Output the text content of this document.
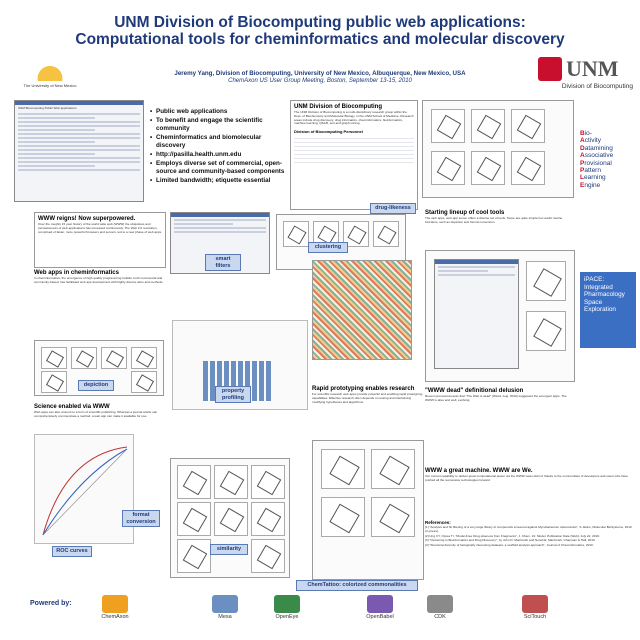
UNM Division of Biocomputing public web applications:
Computational tools for cheminformatics and molecular discovery
The University of New Mexico
Jeremy Yang, Division of Biocomputing, University of New Mexico, Albuquerque, New Mexico, USA
ChemAxon US User Group Meeting, Boston, September 13-15, 2010	UNM
Division of Biocomputing
UNM Biocomputing Public Web applications
•	Public web applications
• To benefit and engage the scientific community
• Cheminformatics and biomolecular discovery
• http://pasilla.health.unm.edu
• Employs diverse set of commercial, open-source and community-based components
• Limited bandwidth; etiquette essential
UNM Division of Biocomputing
The UNM Division of Biocomputing is a multi-disciplinary research group within the Dept. of Biochemistry and Molecular Biology, in the UNM School of Medicine. Research areas include drug discovery, drug informatics, cheminformatics, bioinformatics, machine learning, QSAR, text and graph mining.
Division of Biocomputing Personnel
drug-likeness
Bio-
Activity
Datamining
Associative
Provisional
Pattern
Learning
Engine
WWW reigns! Now superpowered.
Over the roughly 15 year history of the world wide web (WWW) the ubiquitous and pervasiveness of web applications has increased continuously. The Web 2.0 revolution, comprised of faster, more powerful browsers and servers, led to a new phase of web apps.
smart filters
clustering
Starting lineup of cool tools
The web apps, web app server offers a diverse set of tools. Some are quite simple but useful routine functions, such as depiction and format conversion.
iPACE: Integrated Pharmacology Space Exploration
Web apps in cheminformatics
In cheminformatics, the emergence of high quality programming toolkits, both commercial and community-based, has facilitated web app development with highly diverse aims and methods.
depiction
property profiling
Rapid prototyping enables research
For scientific research web apps provide powerful and enabling rapid prototyping capabilities. Effective research often depends on testing and intertwining modifying hypotheses and algorithms.
ChemTattoo: colorized commonalities
"WWW dead" definitional delusion
Recent pronouncements that "The Web is dead" (Wired, Aug. 2010) suggested the emergent apps. The WWW is alive and well, evolving.
Science enabled via WWW
Web apps can also amount to a form of scientific publishing. Whereas a journal article can comprehensively communicate a method, a web app can make it available for use.
ROC curves
format conversion
similarity
WWW a great machine. WWW are We.
Our current capability to deliver great computational power via the WWW owes debt of thanks to the communities of developers and users who have pushed all the successive technologies forward.
References:
[1] "Analysis and hit filtering of a very large library of compounds screened against Mycobacterium tuberculosis", S. Ekins, Molecular BioSystems, 2010 (in press).
[2] Ung CY, Oprea TI, "Model-Free Drug-Likeness from Fragments", J. Chem. Inf. Model. Publication Date (Web): July 22, 2010.
[3] "Clustering in Bioinformatics and Drug Discovery", by John D. MacCuish and Norah E. MacCuish, Chapman & Hall, 2010.
[4] "Structural diversity of biologically interesting datasets: a scaffold analysis approach", Journal of Cheminformatics, 2010.
Powered by:
ChemAxon	Mesa	OpenEye	OpenBabel	CDK	SciTouch
